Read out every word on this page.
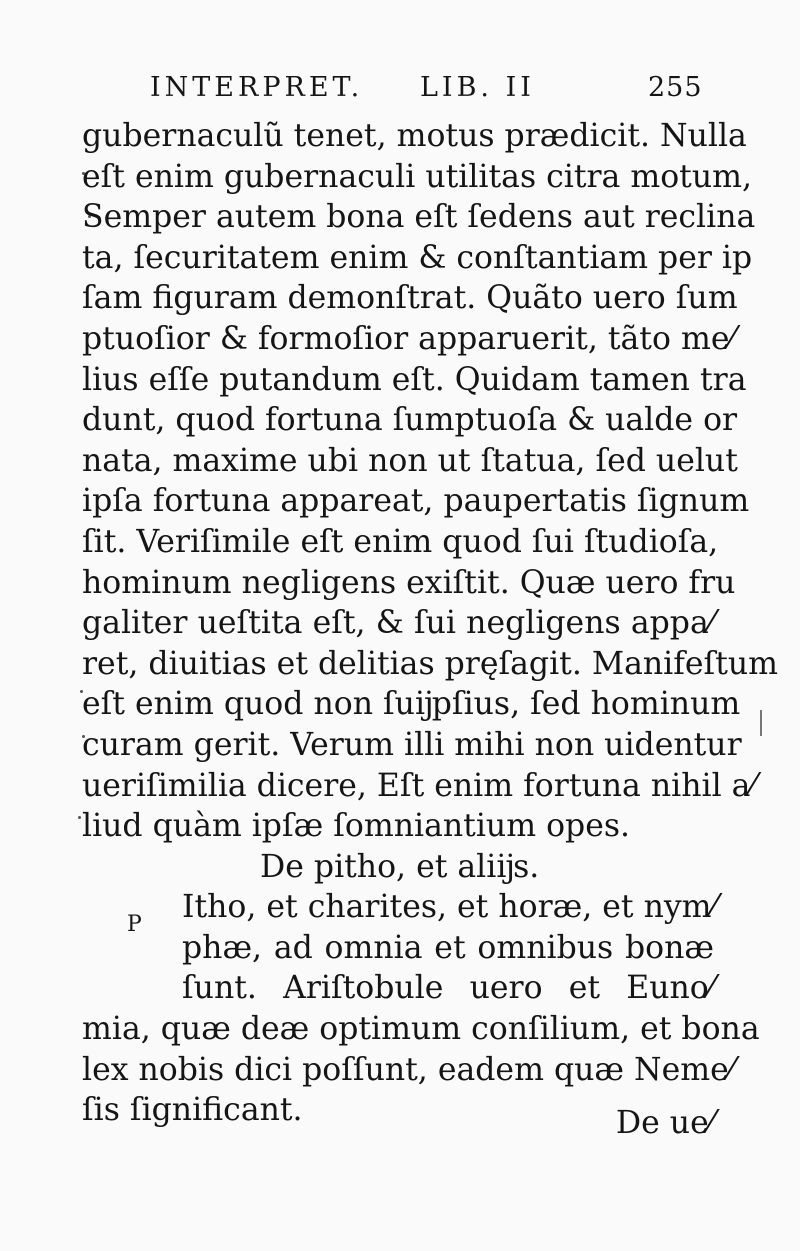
INTERPRET. LIB. II	255
gubernaculũ tenet, motus prædicit. Nulla
eſt enim gubernaculi utilitas citra motum,
Semper autem bona eſt ſedens aut reclina
ta, ſecuritatem enim & conſtantiam per ip
ſam figuram demonſtrat. Quãto uero ſum
ptuoſior & formoſior apparuerit, tãto me⁄
lius eſſe putandum eſt. Quidam tamen tra
dunt, quod fortuna ſumptuoſa & ualde or
nata, maxime ubi non ut ſtatua, ſed uelut
ipſa fortuna appareat, paupertatis ſignum
ſit. Veriſimile eſt enim quod ſui ſtudioſa,
hominum negligens exiſtit. Quæ uero fru
galiter ueſtita eſt, & ſui negligens appa⁄
ret, diuitias et delitias pręſagit. Manifeſtum
eſt enim quod non ſuĳpſius, ſed hominum
curam gerit. Verum illi mihi non uidentur
ueriſimilia dicere, Eſt enim fortuna nihil a⁄
liud quàm ipſæ ſomniantium opes.
De pitho, et aliĳs.
Itho, et charites, et horæ, et nym⁄
phæ, ad omnia et omnibus bonæ
ſunt. Ariſtobule uero et Euno⁄
mia, quæ deæ optimum conſilium, et bona
lex nobis dici poſſunt, eadem quæ Neme⁄
ſis ſignificant.
P
De ue⁄
